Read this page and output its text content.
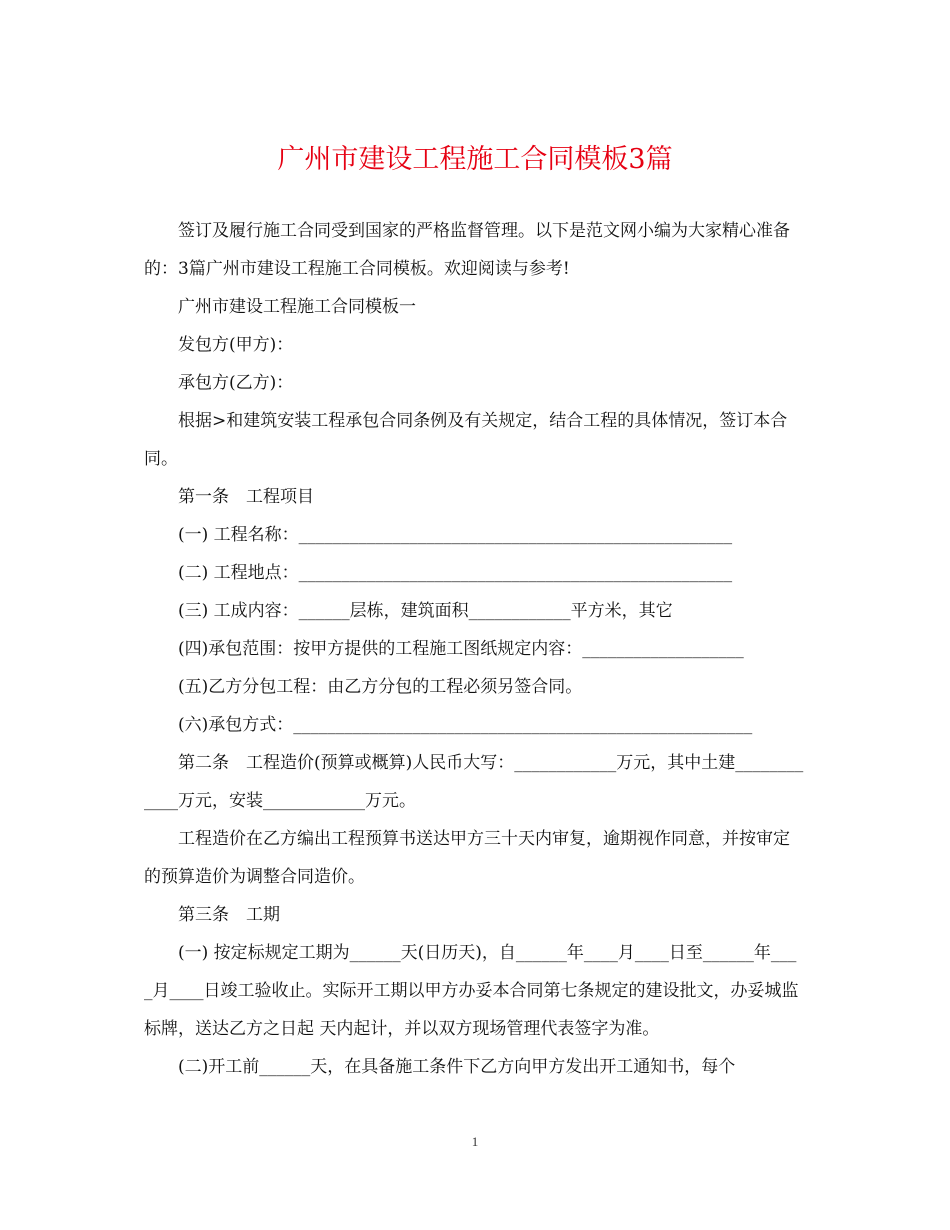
广州市建设工程施工合同模板3篇

签订及履行施工合同受到国家的严格监督管理。以下是范文网小编为大家精心准备的：3篇广州市建设工程施工合同模板。欢迎阅读与参考!

广州市建设工程施工合同模板一

发包方(甲方)：

承包方(乙方)：

根据>和建筑安装工程承包合同条例及有关规定，结合工程的具体情况，签订本合同。

第一条　工程项目

(一) 工程名称：___________________________________________________

(二) 工程地点：___________________________________________________

(三) 工成内容：______层栋，建筑面积____________平方米，其它

(四)承包范围：按甲方提供的工程施工图纸规定内容：___________________

(五)乙方分包工程：由乙方分包的工程必须另签合同。

(六)承包方式：______________________________________________________

第二条　工程造价(预算或概算)人民币大写：____________万元，其中土建____________万元，安装____________万元。

工程造价在乙方编出工程预算书送达甲方三十天内审复，逾期视作同意，并按审定的预算造价为调整合同造价。

第三条　工期

(一) 按定标规定工期为______天(日历天)，自______年____月____日至______年____月____日竣工验收止。实际开工期以甲方办妥本合同第七条规定的建设批文，办妥城监标牌，送达乙方之日起 天内起计，并以双方现场管理代表签字为准。

(二)开工前______天，在具备施工条件下乙方向甲方发出开工通知书，每个

1
